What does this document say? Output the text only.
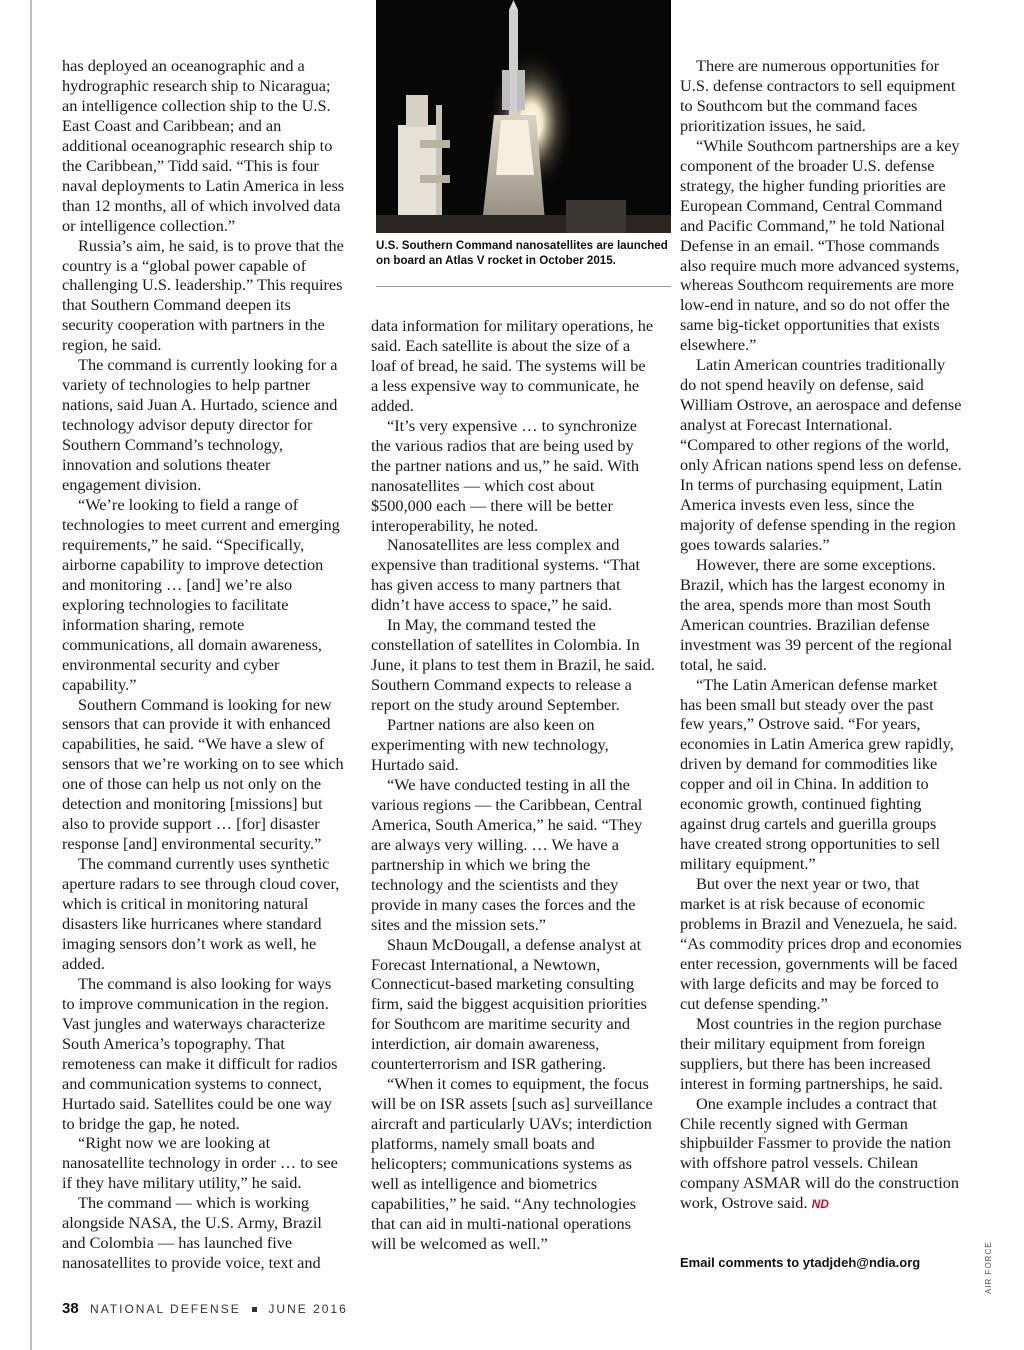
has deployed an oceanographic and a hydrographic research ship to Nicaragua; an intelligence collection ship to the U.S. East Coast and Caribbean; and an additional oceanographic research ship to the Caribbean,” Tidd said. “This is four naval deployments to Latin America in less than 12 months, all of which involved data or intelligence collection.”

Russia’s aim, he said, is to prove that the country is a “global power capable of challenging U.S. leadership.” This requires that Southern Command deepen its security cooperation with partners in the region, he said.

The command is currently looking for a variety of technologies to help partner nations, said Juan A. Hurtado, science and technology advisor deputy director for Southern Command’s technology, innovation and solutions theater engagement division.

“We’re looking to field a range of technologies to meet current and emerging requirements,” he said. “Specifically, airborne capability to improve detection and monitoring … [and] we’re also exploring technologies to facilitate information sharing, remote communications, all domain awareness, environmental security and cyber capability.”

Southern Command is looking for new sensors that can provide it with enhanced capabilities, he said. “We have a slew of sensors that we’re working on to see which one of those can help us not only on the detection and monitoring [missions] but also to provide support … [for] disaster response [and] environmental security.”

The command currently uses synthetic aperture radars to see through cloud cover, which is critical in monitoring natural disasters like hurricanes where standard imaging sensors don’t work as well, he added.

The command is also looking for ways to improve communication in the region. Vast jungles and waterways characterize South America’s topography. That remoteness can make it difficult for radios and communication systems to connect, Hurtado said. Satellites could be one way to bridge the gap, he noted.

“Right now we are looking at nanosatellite technology in order … to see if they have military utility,” he said.

The command — which is working alongside NASA, the U.S. Army, Brazil and Colombia — has launched five nanosatellites to provide voice, text and

U.S. Southern Command nanosatellites are launched on board an Atlas V rocket in October 2015.

data information for military operations, he said. Each satellite is about the size of a loaf of bread, he said. The systems will be a less expensive way to communicate, he added.

“It’s very expensive … to synchronize the various radios that are being used by the partner nations and us,” he said. With nanosatellites — which cost about $500,000 each — there will be better interoperability, he noted.

Nanosatellites are less complex and expensive than traditional systems. “That has given access to many partners that didn’t have access to space,” he said.

In May, the command tested the constellation of satellites in Colombia. In June, it plans to test them in Brazil, he said. Southern Command expects to release a report on the study around September.

Partner nations are also keen on experimenting with new technology, Hurtado said.

“We have conducted testing in all the various regions — the Caribbean, Central America, South America,” he said. “They are always very willing. … We have a partnership in which we bring the technology and the scientists and they provide in many cases the forces and the sites and the mission sets.”

Shaun McDougall, a defense analyst at Forecast International, a Newtown, Connecticut-based marketing consulting firm, said the biggest acquisition priorities for Southcom are maritime security and interdiction, air domain awareness, counterterrorism and ISR gathering.

“When it comes to equipment, the focus will be on ISR assets [such as] surveillance aircraft and particularly UAVs; interdiction platforms, namely small boats and helicopters; communications systems as well as intelligence and biometrics capabilities,” he said. “Any technologies that can aid in multi-national operations will be welcomed as well.”

There are numerous opportunities for U.S. defense contractors to sell equipment to Southcom but the command faces prioritization issues, he said.

“While Southcom partnerships are a key component of the broader U.S. defense strategy, the higher funding priorities are European Command, Central Command and Pacific Command,” he told National Defense in an email. “Those commands also require much more advanced systems, whereas Southcom requirements are more low-end in nature, and so do not offer the same big-ticket opportunities that exists elsewhere.”

Latin American countries traditionally do not spend heavily on defense, said William Ostrove, an aerospace and defense analyst at Forecast International. “Compared to other regions of the world, only African nations spend less on defense. In terms of purchasing equipment, Latin America invests even less, since the majority of defense spending in the region goes towards salaries.”

However, there are some exceptions. Brazil, which has the largest economy in the area, spends more than most South American countries. Brazilian defense investment was 39 percent of the regional total, he said.

“The Latin American defense market has been small but steady over the past few years,” Ostrove said. “For years, economies in Latin America grew rapidly, driven by demand for commodities like copper and oil in China. In addition to economic growth, continued fighting against drug cartels and guerilla groups have created strong opportunities to sell military equipment.”

But over the next year or two, that market is at risk because of economic problems in Brazil and Venezuela, he said. “As commodity prices drop and economies enter recession, governments will be faced with large deficits and may be forced to cut defense spending.”

Most countries in the region purchase their military equipment from foreign suppliers, but there has been increased interest in forming partnerships, he said.

One example includes a contract that Chile recently signed with German shipbuilder Fassmer to provide the nation with offshore patrol vessels. Chilean company ASMAR will do the construction work, Ostrove said. ND

Email comments to ytadjdeh@ndia.org	AIR FORCE
38 NATIONAL DEFENSE JUNE 2016
